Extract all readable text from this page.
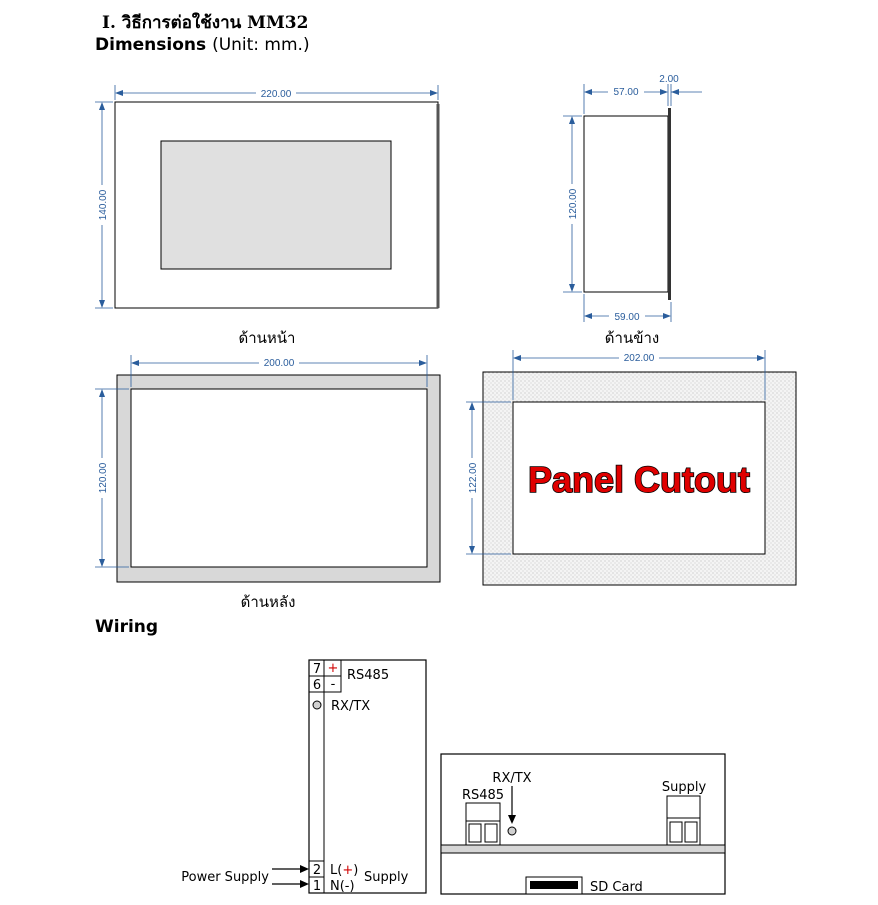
I. วิธีการต่อใช้งาน MM32
Dimensions (Unit: mm.)
Wiring
220.00
140.00
ด้านหน้า
57.00
2.00
120.00
59.00
ด้านข้าง
200.00
120.00
ด้านหลัง
202.00
122.00 Panel Cutout
7
6
+
-
RS485
RX/TX
2
1
L(+)
N(-)
Supply
Power Supply
RS485
RX/TX
Supply
SD Card
